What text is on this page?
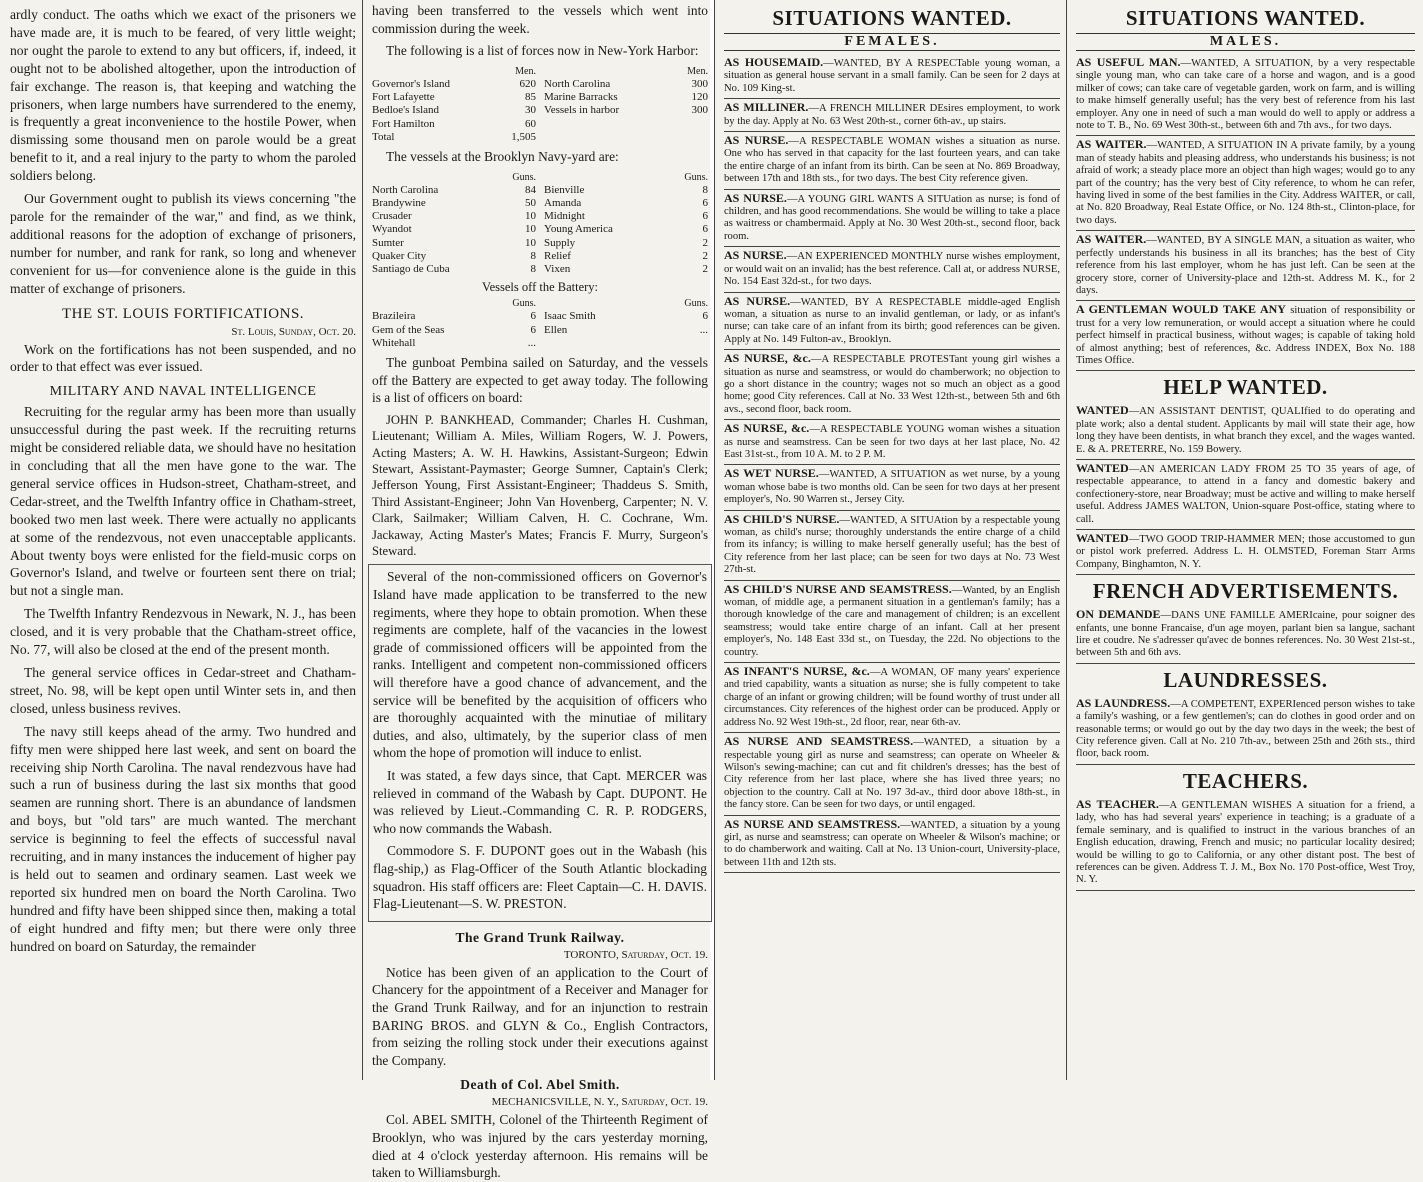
ardly conduct. The oaths which we exact of the prisoners we have made are, it is much to be feared, of very little weight; nor ought the parole to extend to any but officers, if, indeed, it ought not to be abolished altogether, upon the introduction of fair exchange. The reason is, that keeping and watching the prisoners, when large numbers have surrendered to the enemy, is frequently a great inconvenience to the hostile Power, when dismissing some thousand men on parole would be a great benefit to it, and a real injury to the party to whom the paroled soldiers belong.

Our Government ought to publish its views concerning "the parole for the remainder of the war," and find, as we think, additional reasons for the adoption of exchange of prisoners, number for number, and rank for rank, so long and whenever convenient for us—for convenience alone is the guide in this matter of exchange of prisoners.

THE ST. LOUIS FORTIFICATIONS.
St. Louis, Sunday, Oct. 20.

Work on the fortifications has not been suspended, and no order to that effect was ever issued.

MILITARY AND NAVAL INTELLIGENCE

Recruiting for the regular army has been more than usually unsuccessful during the past week. If the recruiting returns might be considered reliable data, we should have no hesitation in concluding that all the men have gone to the war. The general service offices in Hudson-street, Chatham-street, and Cedar-street, and the Twelfth Infantry office in Chatham-street, booked two men last week. There were actually no applicants at some of the rendezvous, not even unacceptable applicants. About twenty boys were enlisted for the field-music corps on Governor's Island, and twelve or fourteen sent there on trial; but not a single man.

The Twelfth Infantry Rendezvous in Newark, N. J., has been closed, and it is very probable that the Chatham-street office, No. 77, will also be closed at the end of the present month.

The general service offices in Cedar-street and Chatham-street, No. 98, will be kept open until Winter sets in, and then closed, unless business revives.

The navy still keeps ahead of the army. Two hundred and fifty men were shipped here last week, and sent on board the receiving ship North Carolina. The naval rendezvous have had such a run of business during the last six months that good seamen are running short. There is an abundance of landsmen and boys, but "old tars" are much wanted. The merchant service is beginning to feel the effects of successful naval recruiting, and in many instances the inducement of higher pay is held out to seamen and ordinary seamen. Last week we reported six hundred men on board the North Carolina. Two hundred and fifty have been shipped since then, making a total of eight hundred and fifty men; but there were only three hundred on board on Saturday, the remainder

having been transferred to the vessels which went into commission during the week.

The following is a list of forces now in New-York Harbor:

Men.
Governor's Island	620
Fort Lafayette	85
Bedloe's Island	30
Fort Hamilton	60
Total	1,505
Men.
North Carolina	300
Marine Barracks	120
Vessels in harbor	300

The vessels at the Brooklyn Navy-yard are:

Guns.
North Carolina	84
Brandywine	50
Crusader	10
Wyandot	10
Sumter	10
Quaker City	8
Santiago de Cuba	8
Guns.
Bienville	8
Amanda	6
Midnight	6
Young America	6
Supply	2
Relief	2
Vixen	2
Vessels off the Battery:
Guns.
Brazileira	6
Gem of the Seas	6
Whitehall	...
Guns.
Isaac Smith	6
Ellen	...

The gunboat Pembina sailed on Saturday, and the vessels off the Battery are expected to get away today. The following is a list of officers on board:

JOHN P. BANKHEAD, Commander; Charles H. Cushman, Lieutenant; William A. Miles, William Rogers, W. J. Powers, Acting Masters; A. W. H. Hawkins, Assistant-Surgeon; Edwin Stewart, Assistant-Paymaster; George Sumner, Captain's Clerk; Jefferson Young, First Assistant-Engineer; Thaddeus S. Smith, Third Assistant-Engineer; John Van Hovenberg, Carpenter; N. V. Clark, Sailmaker; William Calven, H. C. Cochrane, Wm. Jackaway, Acting Master's Mates; Francis F. Murry, Surgeon's Steward.

Several of the non-commissioned officers on Governor's Island have made application to be transferred to the new regiments, where they hope to obtain promotion. When these regiments are complete, half of the vacancies in the lowest grade of commissioned officers will be appointed from the ranks. Intelligent and competent non-commissioned officers will therefore have a good chance of advancement, and the service will be benefited by the acquisition of officers who are thoroughly acquainted with the minutiae of military duties, and also, ultimately, by the superior class of men whom the hope of promotion will induce to enlist.

It was stated, a few days since, that Capt. MERCER was relieved in command of the Wabash by Capt. DUPONT. He was relieved by Lieut.-Commanding C. R. P. RODGERS, who now commands the Wabash.

Commodore S. F. DUPONT goes out in the Wabash (his flag-ship,) as Flag-Officer of the South Atlantic blockading squadron. His staff officers are: Fleet Captain—C. H. DAVIS. Flag-Lieutenant—S. W. PRESTON.

The Grand Trunk Railway.
TORONTO, Saturday, Oct. 19.

Notice has been given of an application to the Court of Chancery for the appointment of a Receiver and Manager for the Grand Trunk Railway, and for an injunction to restrain BARING BROS. and GLYN & Co., English Contractors, from seizing the rolling stock under their executions against the Company.

Death of Col. Abel Smith.
MECHANICSVILLE, N. Y., Saturday, Oct. 19.

Col. ABEL SMITH, Colonel of the Thirteenth Regiment of Brooklyn, who was injured by the cars yesterday morning, died at 4 o'clock yesterday afternoon. His remains will be taken to Williamsburgh.

SITUATIONS WANTED.
FEMALES.

AS HOUSEMAID.—WANTED, BY A RESPECTable young woman, a situation as general house servant in a small family. Can be seen for 2 days at No. 109 King-st.

AS MILLINER.—A FRENCH MILLINER DEsires employment, to work by the day. Apply at No. 63 West 20th-st., corner 6th-av., up stairs.

AS NURSE.—A RESPECTABLE WOMAN wishes a situation as nurse. One who has served in that capacity for the last fourteen years, and can take the entire charge of an infant from its birth. Can be seen at No. 869 Broadway, between 17th and 18th sts., for two days. The best City reference given.

AS NURSE.—A YOUNG GIRL WANTS A SITUation as nurse; is fond of children, and has good recommendations. She would be willing to take a place as waitress or chambermaid. Apply at No. 30 West 20th-st., second floor, back room.

AS NURSE.—AN EXPERIENCED MONTHLY nurse wishes employment, or would wait on an invalid; has the best reference. Call at, or address NURSE, No. 154 East 32d-st., for two days.

AS NURSE.—WANTED, BY A RESPECTABLE middle-aged English woman, a situation as nurse to an invalid gentleman, or lady, or as infant's nurse; can take care of an infant from its birth; good references can be given. Apply at No. 149 Fulton-av., Brooklyn.

AS NURSE, &c.—A RESPECTABLE PROTESTant young girl wishes a situation as nurse and seamstress, or would do chamberwork; no objection to go a short distance in the country; wages not so much an object as a good home; good City references. Call at No. 33 West 12th-st., between 5th and 6th avs., second floor, back room.

AS NURSE, &c.—A RESPECTABLE YOUNG woman wishes a situation as nurse and seamstress. Can be seen for two days at her last place, No. 42 East 31st-st., from 10 A. M. to 2 P. M.

AS WET NURSE.—WANTED, A SITUATION as wet nurse, by a young woman whose babe is two months old. Can be seen for two days at her present employer's, No. 90 Warren st., Jersey City.

AS CHILD'S NURSE.—WANTED, A SITUAtion by a respectable young woman, as child's nurse; thoroughly understands the entire charge of a child from its infancy; is willing to make herself generally useful; has the best of City reference from her last place; can be seen for two days at No. 73 West 27th-st.

AS CHILD'S NURSE AND SEAMSTRESS.—Wanted, by an English woman, of middle age, a permanent situation in a gentleman's family; has a thorough knowledge of the care and management of children; is an excellent seamstress; would take entire charge of an infant. Call at her present employer's, No. 148 East 33d st., on Tuesday, the 22d. No objections to the country.

AS INFANT'S NURSE, &c.—A WOMAN, OF many years' experience and tried capability, wants a situation as nurse; she is fully competent to take charge of an infant or growing children; will be found worthy of trust under all circumstances. City references of the highest order can be produced. Apply or address No. 92 West 19th-st., 2d floor, rear, near 6th-av.

AS NURSE AND SEAMSTRESS.—WANTED, a situation by a respectable young girl as nurse and seamstress; can operate on Wheeler & Wilson's sewing-machine; can cut and fit children's dresses; has the best of City reference from her last place, where she has lived three years; no objection to the country. Call at No. 197 3d-av., third door above 18th-st., in the fancy store. Can be seen for two days, or until engaged.

AS NURSE AND SEAMSTRESS.—WANTED, a situation by a young girl, as nurse and seamstress; can operate on Wheeler & Wilson's machine; or to do chamberwork and waiting. Call at No. 13 Union-court, University-place, between 11th and 12th sts.

SITUATIONS WANTED.
MALES.

AS USEFUL MAN.—WANTED, A SITUATION, by a very respectable single young man, who can take care of a horse and wagon, and is a good milker of cows; can take care of vegetable garden, work on farm, and is willing to make himself generally useful; has the very best of reference from his last employer. Any one in need of such a man would do well to apply or address a note to T. B., No. 69 West 30th-st., between 6th and 7th avs., for two days.

AS WAITER.—WANTED, A SITUATION IN A private family, by a young man of steady habits and pleasing address, who understands his business; is not afraid of work; a steady place more an object than high wages; would go to any part of the country; has the very best of City reference, to whom he can refer, having lived in some of the best families in the City. Address WAITER, or call, at No. 820 Broadway, Real Estate Office, or No. 124 8th-st., Clinton-place, for two days.

AS WAITER.—WANTED, BY A SINGLE MAN, a situation as waiter, who perfectly understands his business in all its branches; has the best of City reference from his last employer, whom he has just left. Can be seen at the grocery store, corner of University-place and 12th-st. Address M. K., for 2 days.

A GENTLEMAN WOULD TAKE ANY situation of responsibility or trust for a very low remuneration, or would accept a situation where he could perfect himself in practical business, without wages; is capable of taking hold of almost anything; best of references, &c. Address INDEX, Box No. 188 Times Office.

HELP WANTED.

WANTED—AN ASSISTANT DENTIST, QUALIfied to do operating and plate work; also a dental student. Applicants by mail will state their age, how long they have been dentists, in what branch they excel, and the wages wanted. E. & A. PRETERRE, No. 159 Bowery.

WANTED—AN AMERICAN LADY FROM 25 TO 35 years of age, of respectable appearance, to attend in a fancy and domestic bakery and confectionery-store, near Broadway; must be active and willing to make herself useful. Address JAMES WALTON, Union-square Post-office, stating where to call.

WANTED—TWO GOOD TRIP-HAMMER MEN; those accustomed to gun or pistol work preferred. Address L. H. OLMSTED, Foreman Starr Arms Company, Binghamton, N. Y.

FRENCH ADVERTISEMENTS.

ON DEMANDE—DANS UNE FAMILLE AMERIcaine, pour soigner des enfants, une bonne Francaise, d'un age moyen, parlant bien sa langue, sachant lire et coudre. Ne s'adresser qu'avec de bonnes references. No. 30 West 21st-st., between 5th and 6th avs.

LAUNDRESSES.

AS LAUNDRESS.—A COMPETENT, EXPERIenced person wishes to take a family's washing, or a few gentlemen's; can do clothes in good order and on reasonable terms; or would go out by the day two days in the week; the best of City reference given. Call at No. 210 7th-av., between 25th and 26th sts., third floor, back room.

TEACHERS.

AS TEACHER.—A GENTLEMAN WISHES A situation for a friend, a lady, who has had several years' experience in teaching; is a graduate of a female seminary, and is qualified to instruct in the various branches of an English education, drawing, French and music; no particular locality desired; would be willing to go to California, or any other distant post. The best of references can be given. Address T. J. M., Box No. 170 Post-office, West Troy, N. Y.
